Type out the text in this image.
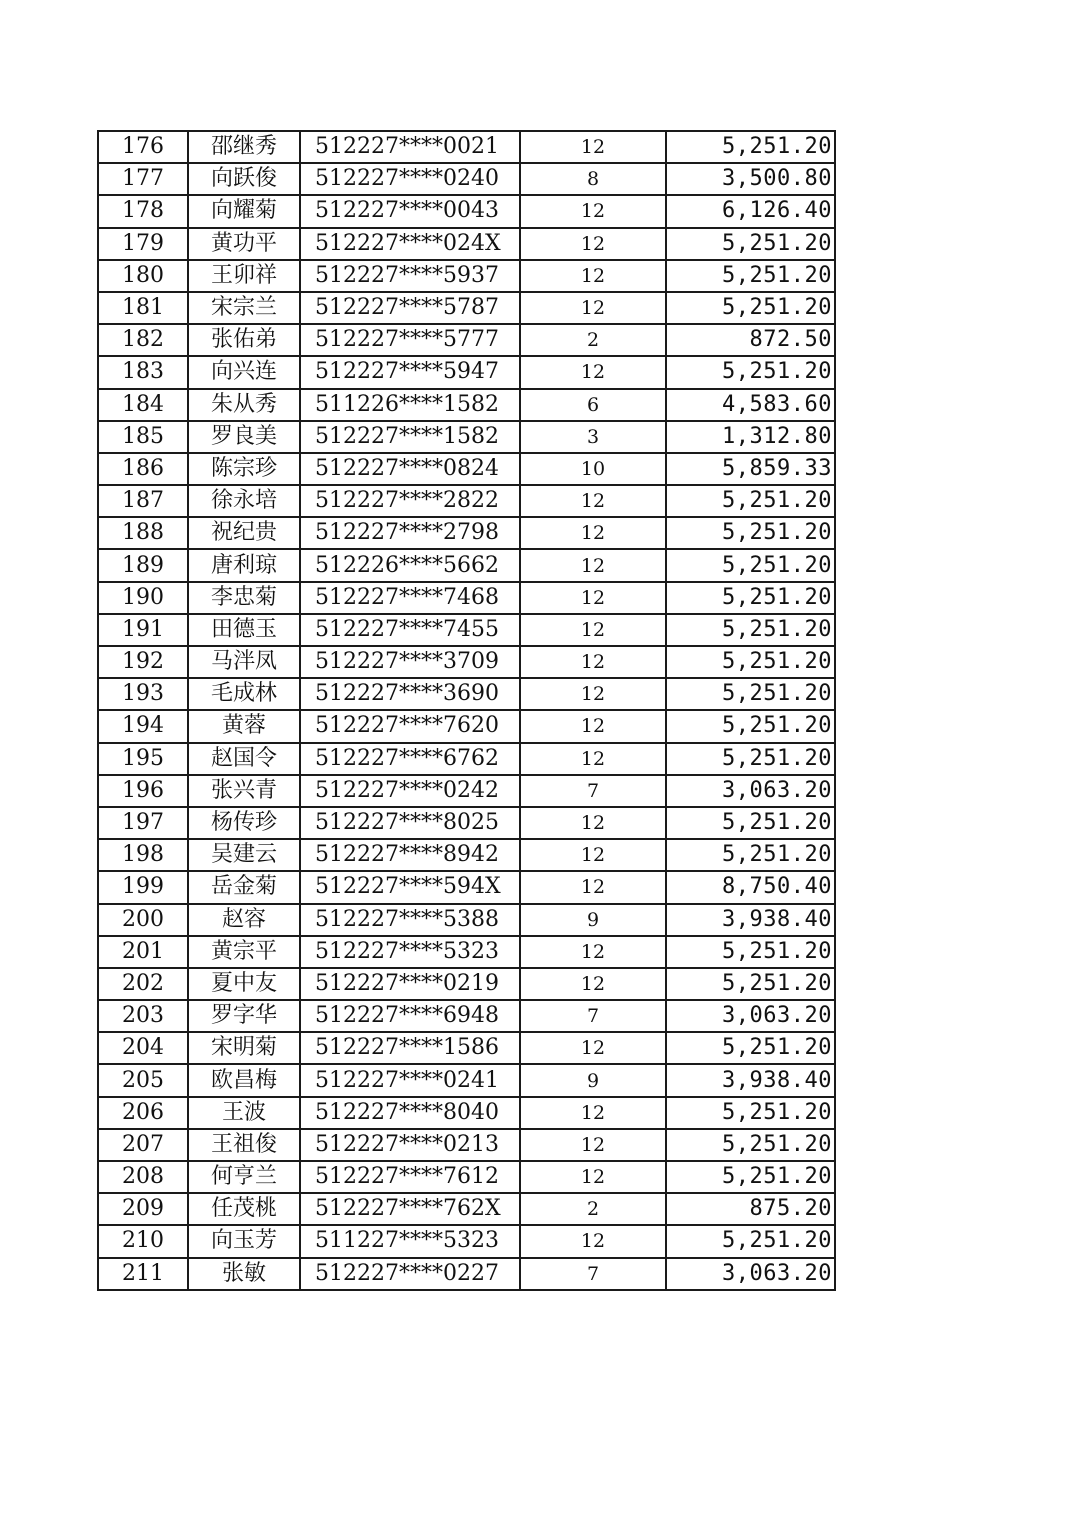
176	邵继秀	512227****0021	12	5,251.20
177	向跃俊	512227****0240	8	3,500.80
178	向耀菊	512227****0043	12	6,126.40
179	黄功平	512227****024X	12	5,251.20
180	王卯祥	512227****5937	12	5,251.20
181	宋宗兰	512227****5787	12	5,251.20
182	张佑弟	512227****5777	2	872.50
183	向兴连	512227****5947	12	5,251.20
184	朱从秀	511226****1582	6	4,583.60
185	罗良美	512227****1582	3	1,312.80
186	陈宗珍	512227****0824	10	5,859.33
187	徐永培	512227****2822	12	5,251.20
188	祝纪贵	512227****2798	12	5,251.20
189	唐利琼	512226****5662	12	5,251.20
190	李忠菊	512227****7468	12	5,251.20
191	田德玉	512227****7455	12	5,251.20
192	马泮凤	512227****3709	12	5,251.20
193	毛成林	512227****3690	12	5,251.20
194	黄蓉	512227****7620	12	5,251.20
195	赵国令	512227****6762	12	5,251.20
196	张兴青	512227****0242	7	3,063.20
197	杨传珍	512227****8025	12	5,251.20
198	吴建云	512227****8942	12	5,251.20
199	岳金菊	512227****594X	12	8,750.40
200	赵容	512227****5388	9	3,938.40
201	黄宗平	512227****5323	12	5,251.20
202	夏中友	512227****0219	12	5,251.20
203	罗字华	512227****6948	7	3,063.20
204	宋明菊	512227****1586	12	5,251.20
205	欧昌梅	512227****0241	9	3,938.40
206	王波	512227****8040	12	5,251.20
207	王祖俊	512227****0213	12	5,251.20
208	何亨兰	512227****7612	12	5,251.20
209	任茂桃	512227****762X	2	875.20
210	向玉芳	511227****5323	12	5,251.20
211	张敏	512227****0227	7	3,063.20
